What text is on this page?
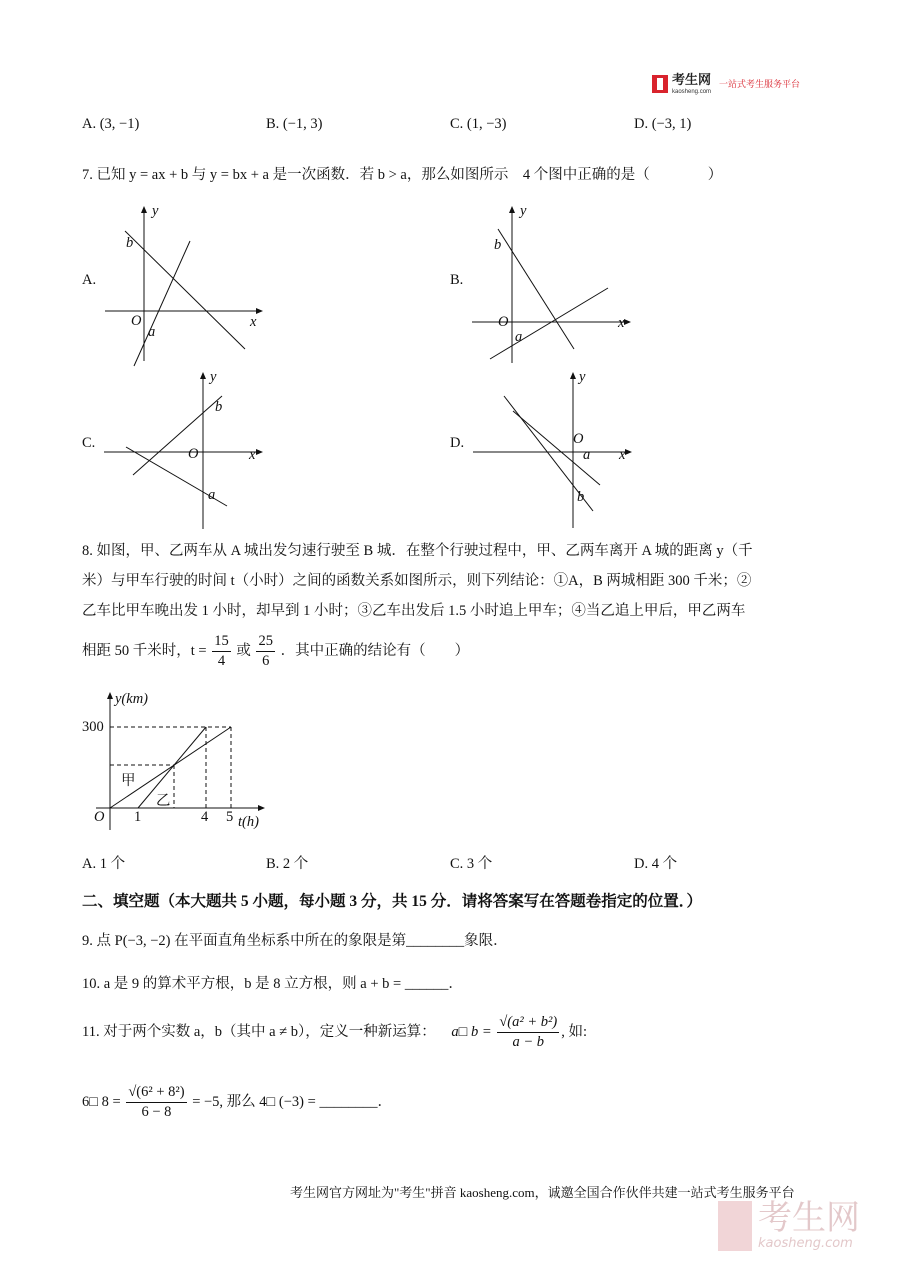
考生网
kaosheng.com
一站式考生服务平台
A. (3, −1)	B. (−1, 3)	C. (1, −3)	D. (−3, 1)
7. 已知 y = ax + b 与 y = bx + a 是一次函数．若 b > a，那么如图所示　4 个图中正确的是（　　　　）
A.
y
b
O	x
a
B.
y
b
O	x
a
C.
y
b
O	x
a
D.
y
O
a x
b
8. 如图，甲、乙两车从 A 城出发匀速行驶至 B 城．在整个行驶过程中，甲、乙两车离开 A 城的距离 y（千
米）与甲车行驶的时间 t（小时）之间的函数关系如图所示，则下列结论：①A，B 两城相距 300 千米；②
乙车比甲车晚出发 1 小时，却早到 1 小时；③乙车出发后 1.5 小时追上甲车；④当乙追上甲后，甲乙两车
相距 50 千米时，$t = \frac{15}{4}$ 或 $\frac{25}{6}$ ．其中正确的结论有（　　）
y(km)
300
甲
乙
O 1	4 5 t(h)
A. 1 个	B. 2 个	C. 3 个	D. 4 个
二、填空题（本大题共 5 小题，每小题 3 分，共 15 分．请将答案写在答题卷指定的位置．）
9. 点 P(−3, −2) 在平面直角坐标系中所在的象限是第________象限．
10. a 是 9 的算术平方根，b 是 8 立方根，则 a + b = ______．
11. 对于两个实数 a，b（其中 a ≠ b），定义一种新运算： a□ $b = \frac{\text{√(a² + b²)}}{a - b}$ , 如:
6□ $8 = \frac{\text{√(6² + 8²)}}{6 - 8} = -5$, 那么 4□ (−3) = ________．
考生网官方网址为"考生"拼音 kaosheng.com，诚邀全国合作伙伴共建一站式考生服务平台
考生网
kaosheng.com
